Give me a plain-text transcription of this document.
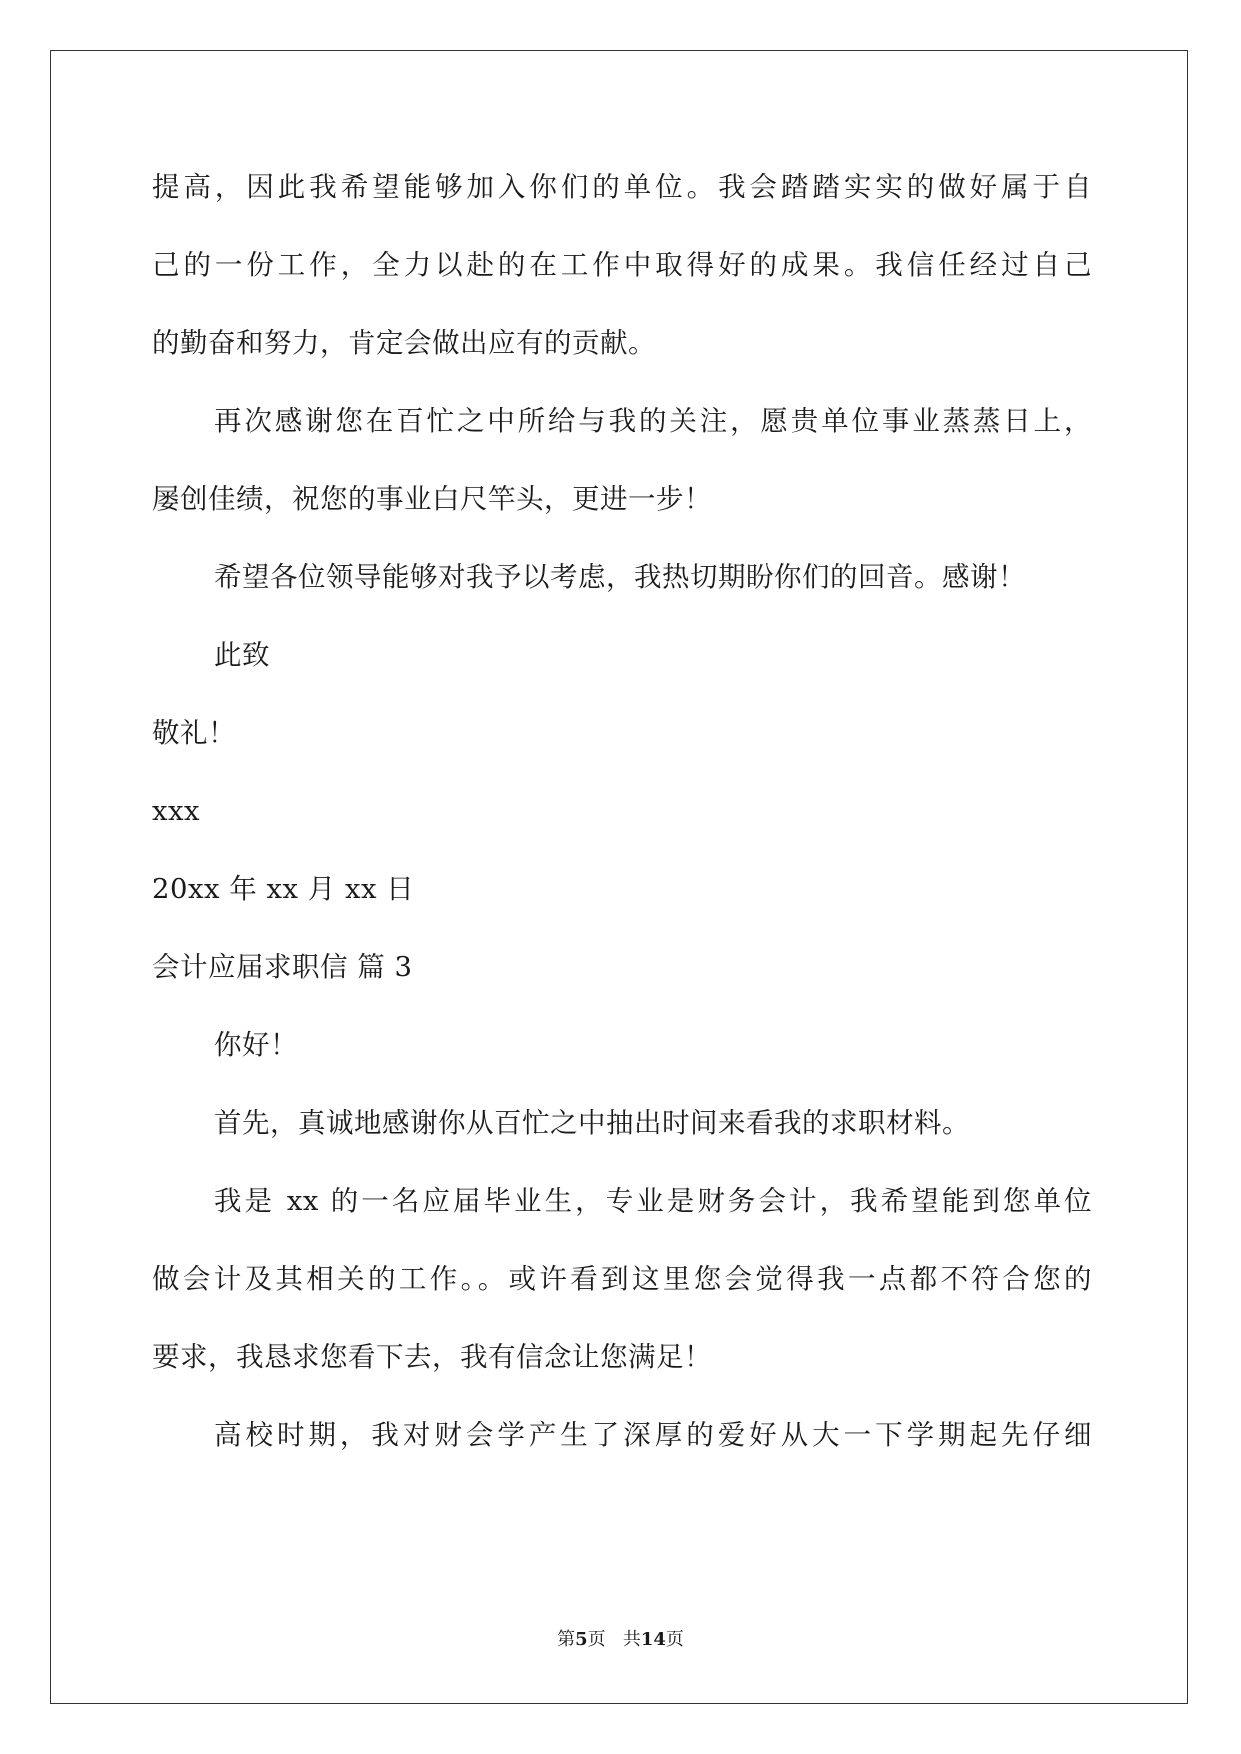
提高，因此我希望能够加入你们的单位。我会踏踏实实的做好属于自
己的一份工作，全力以赴的在工作中取得好的成果。我信任经过自己
的勤奋和努力，肯定会做出应有的贡献。
再次感谢您在百忙之中所给与我的关注，愿贵单位事业蒸蒸日上，
屡创佳绩，祝您的事业白尺竿头，更进一步！
希望各位领导能够对我予以考虑，我热切期盼你们的回音。感谢！
此致
敬礼！
xxx
20xx 年 xx 月 xx 日
会计应届求职信 篇 3
你好！
首先，真诚地感谢你从百忙之中抽出时间来看我的求职材料。
我是 xx 的一名应届毕业生，专业是财务会计，我希望能到您单位
做会计及其相关的工作。。或许看到这里您会觉得我一点都不符合您的
要求，我恳求您看下去，我有信念让您满足！
高校时期，我对财会学产生了深厚的爱好从大一下学期起先仔细
第5页 共14页
